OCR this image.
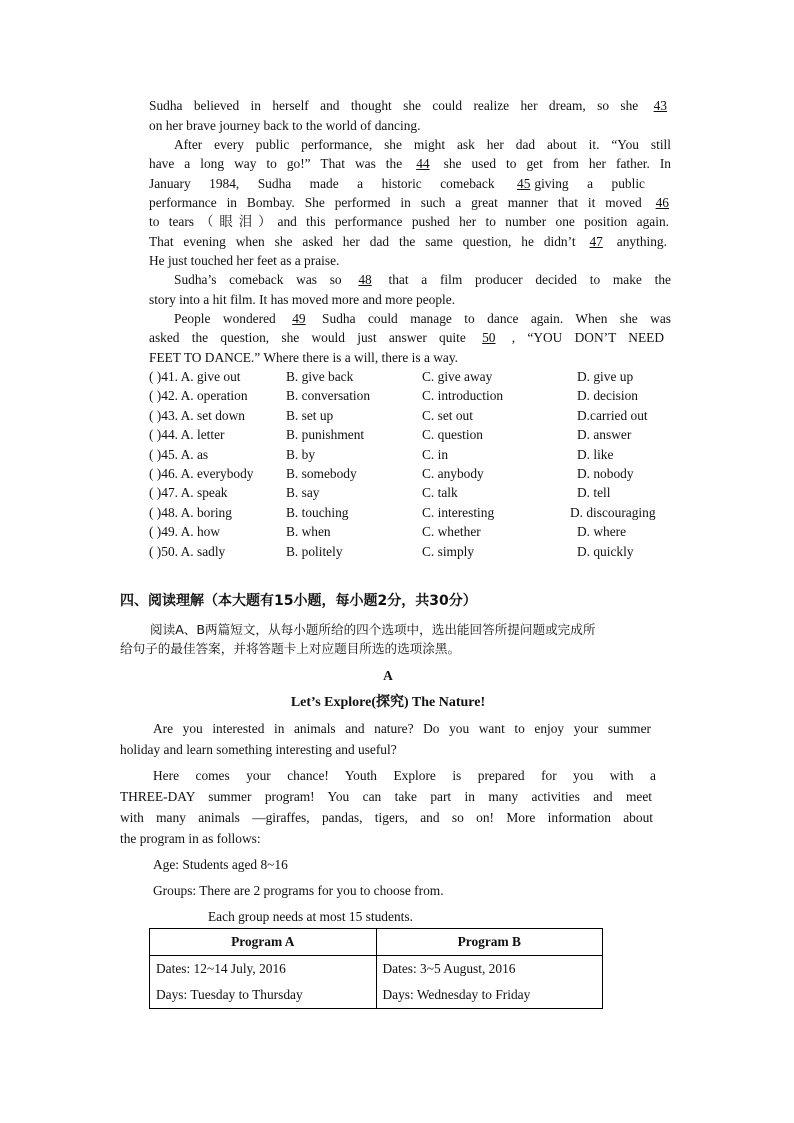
Sudha believed in herself and thought she could realize her dream, so she 43
on her brave journey back to the world of dancing.
After every public performance, she might ask her dad about it. “You still
have a long way to go!” That was the 44 she used to get from her father. In
January 1984, Sudha made a historic comeback 45 giving a public
performance in Bombay. She performed in such a great manner that it moved 46
to tears（眼泪）and this performance pushed her to number one position again.
That evening when she asked her dad the same question, he didn’t 47 anything.
He just touched her feet as a praise.
Sudha’s comeback was so 48 that a film producer decided to make the
story into a hit film. It has moved more and more people.
People wondered 49 Sudha could manage to dance again. When she was
asked the question, she would just answer quite 50 , “YOU DON’T NEED
FEET TO DANCE.” Where there is a will, there is a way.
( )41. A. give out	B. give back	C. give away	D. give up
( )42. A. operation	B. conversation	C. introduction	D. decision
( )43. A. set down	B. set up	C. set out	D.carried out
( )44. A. letter	B. punishment	C. question	D. answer
( )45. A. as	B. by	C. in	D. like
( )46. A. everybody B. somebody	C. anybody	D. nobody
( )47. A. speak	B. say	C. talk	D. tell
( )48. A. boring	B. touching	C. interesting	D. discouraging
( )49. A. how	B. when	C. whether	D. where
( )50. A. sadly	B. politely	C. simply	D. quickly
四、阅读理解（本大题有15小题，每小题2分，共30分）
阅读A、B两篇短文，从每小题所给的四个选项中，选出能回答所提问题或完成所
给句子的最佳答案，并将答题卡上对应题目所选的选项涂黑。
A
Let’s Explore(探究) The Nature!
Are you interested in animals and nature? Do you want to enjoy your summer
holiday and learn something interesting and useful?
Here comes your chance! Youth Explore is prepared for you with a
THREE-DAY summer program! You can take part in many activities and meet
with many animals —giraffes, pandas, tigers, and so on! More information about
the program in as follows:
Age: Students aged 8~16
Groups: There are 2 programs for you to choose from.
Each group needs at most 15 students.
Program A	Program B
Dates: 12~14 July, 2016	Dates: 3~5 August, 2016
Days: Tuesday to Thursday	Days: Wednesday to Friday
